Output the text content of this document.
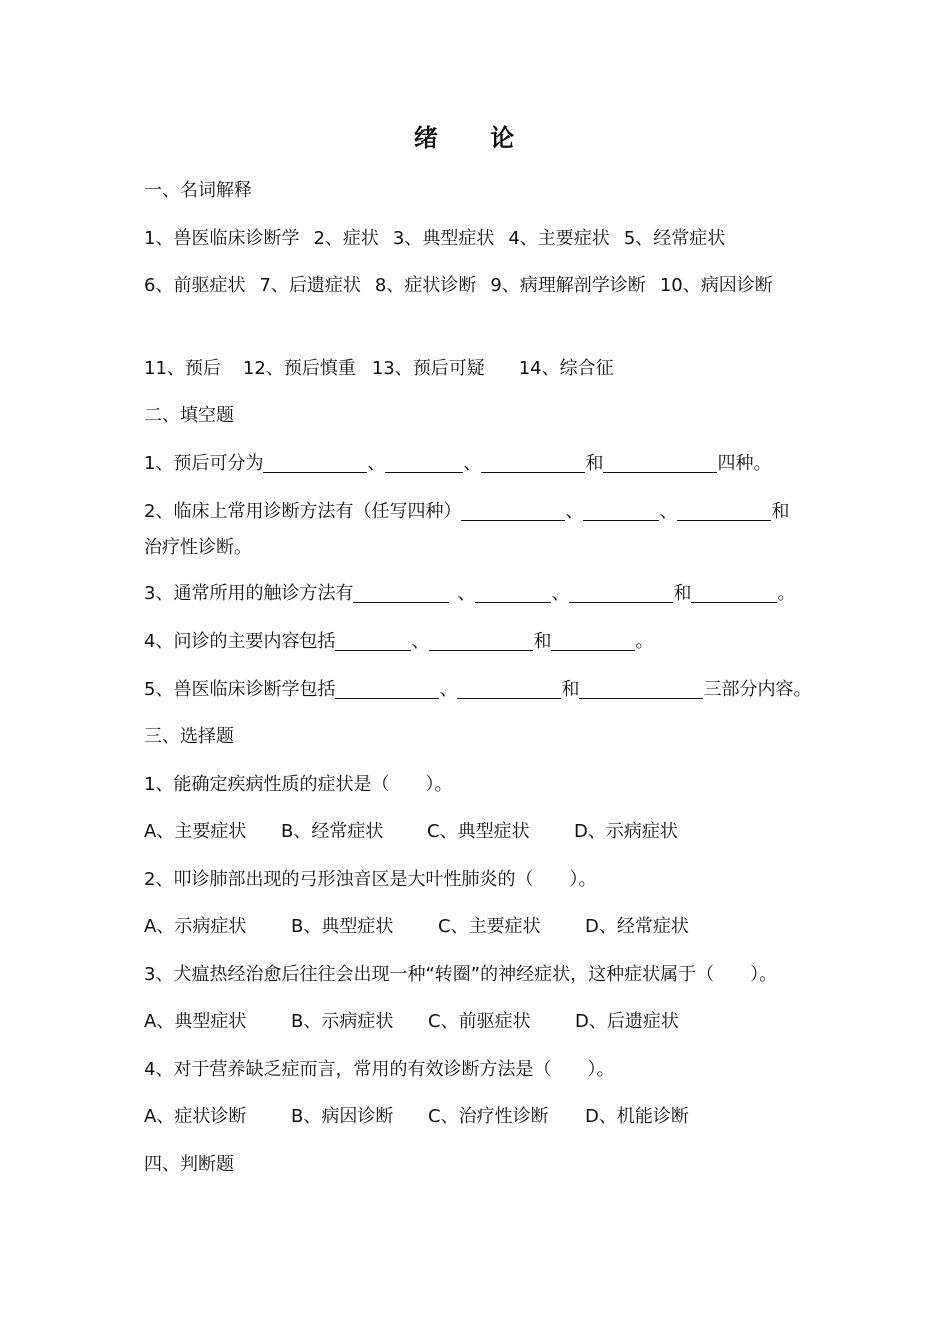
绪 论
一、名词解释
1、兽医临床诊断学 2、症状 3、典型症状 4、主要症状 5、经常症状
6、前驱症状 7、后遗症状 8、症状诊断 9、病理解剖学诊断 10、病因诊断
11、预后 12、预后慎重 13、预后可疑 14、综合征
二、填空题
1、预后可分为	、	、	和	四种。
2、临床上常用诊断方法有（任写四种）	、	、	和
治疗性诊断。
3、通常所用的触诊方法有	、	、	和	。
4、问诊的主要内容包括	、	和	。
5、兽医临床诊断学包括	、	和	三部分内容。
三、选择题
1、能确定疾病性质的症状是（　　）。
A、主要症状 B、经常症状 C、典型症状 D、示病症状
2、叩诊肺部出现的弓形浊音区是大叶性肺炎的（　　）。
A、示病症状 B、典型症状 C、主要症状 D、经常症状
3、犬瘟热经治愈后往往会出现一种“转圈”的神经症状，这种症状属于（　　）。
A、典型症状 B、示病症状 C、前驱症状 D、后遗症状
4、对于营养缺乏症而言，常用的有效诊断方法是（　　）。
A、症状诊断 B、病因诊断 C、治疗性诊断 D、机能诊断
四、判断题
